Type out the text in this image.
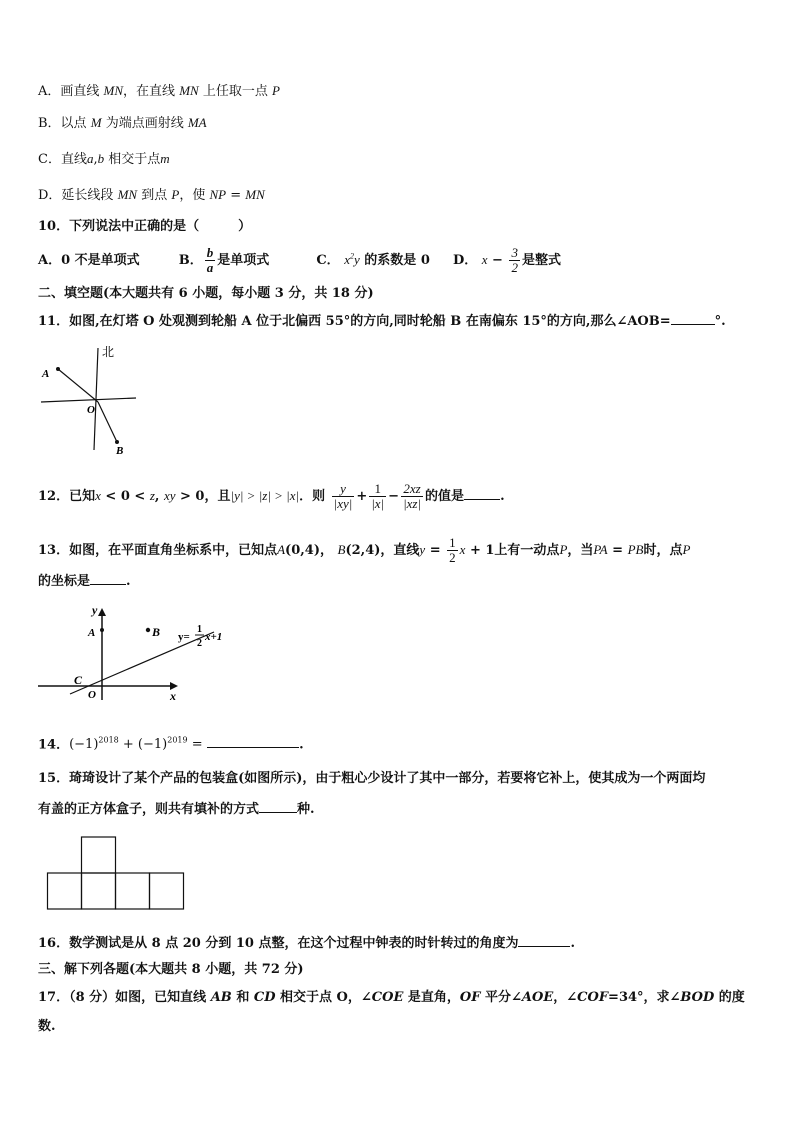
A．画直线 MN，在直线 MN 上任取一点 P
B．以点 M 为端点画射线 MA
C．直线a,b 相交于点m
D．延长线段 MN 到点 P，使 NP = MN
10．下列说法中正确的是（　　　）
A．0 不是单项式	B． $\frac{b}{a}$ 是单项式	C． $x^2y$ 的系数是 0 D． $x - \frac{3}{2}$ 是整式
二、填空题(本大题共有 6 小题，每小题 3 分，共 18 分)
11．如图,在灯塔 O 处观测到轮船 A 位于北偏西 55°的方向,同时轮船 B 在南偏东 15°的方向,那么∠AOB=	°.
北
A
O
B
12．已知x < 0 < z, xy > 0，且|y| > |z| > |x|．则 $\frac{y}{|xy|} + \frac{1}{|x|} - \frac{2xz}{|xz|}$ 的值是	.
13．如图，在平面直角坐标系中，已知点A(0,4)， B(2,4)，直线$y = \frac{1}{2}$ x + 1上有一动点P，当PA = PB时，点P
的坐标是	.
y
A	B
C
O	x
y=
1
2
x+1
14．$(-1)^{2018} + (-1)^{2019}$ =	.
15．琦琦设计了某个产品的包装盒(如图所示)，由于粗心少设计了其中一部分，若要将它补上，使其成为一个两面均
有盖的正方体盒子，则共有填补的方式	种.
16．数学测试是从 8 点 20 分到 10 点整，在这个过程中钟表的时针转过的角度为	.
三、解下列各题(本大题共 8 小题，共 72 分)
17．（8 分）如图，已知直线 AB 和 CD 相交于点 O，∠COE 是直角，OF 平分∠AOE，∠COF=34°，求∠BOD 的度
数.
